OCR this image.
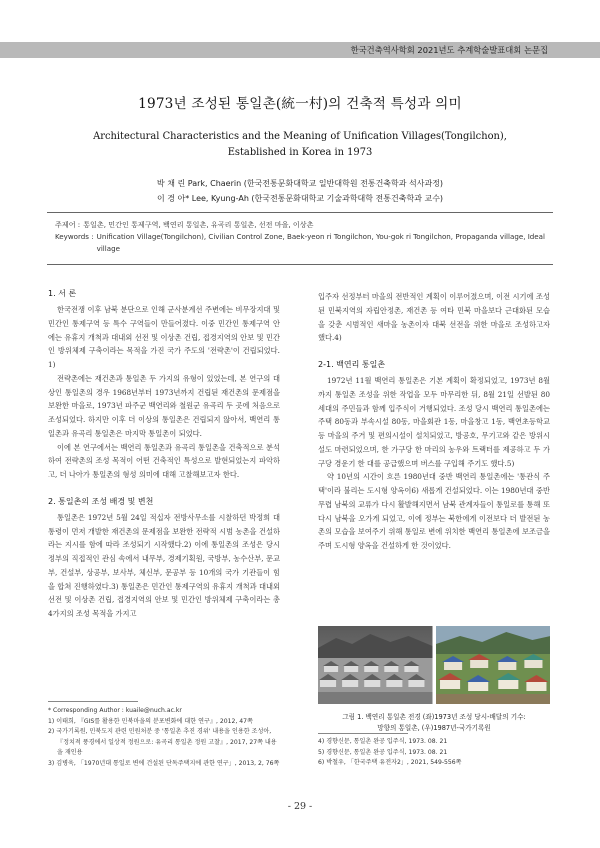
한국건축역사학회 2021년도 추계학술발표대회 논문집
1973년 조성된 통일촌(統一村)의 건축적 특성과 의미
Architectural Characteristics and the Meaning of Unification Villages(Tongilchon),
Established in Korea in 1973
박 채 린 Park, Chaerin (한국전통문화대학교 일반대학원 전통건축학과 석사과정)
이 경 아* Lee, Kyung-Ah (한국전통문화대학교 기술과학대학 전통건축학과 교수)
주제어 : 통일촌, 민간인 통제구역, 백연리 통일촌, 유곡리 통일촌, 선전 마을, 이상촌
Keywords : Unification Village(Tongilchon), Civilian Control Zone, Baek-yeon ri Tongilchon, You-gok ri Tongilchon, Propaganda village, Ideal village
1. 서 론

한국전쟁 이후 남북 분단으로 인해 군사분계선 주변에는 비무장지대 및 민간인 통제구역 등 특수 구역들이 만들어졌다. 이중 민간인 통제구역 안에는 유휴지 개척과 대내외 선전 및 이상촌 건립, 접경지역의 안보 및 민간인 방위체제 구축이라는 목적을 가진 국가 주도의 '전략촌'이 건립되었다.1)

전략촌에는 재건촌과 통일촌 두 가지의 유형이 있었는데, 본 연구의 대상인 통일촌의 경우 1968년부터 1973년까지 건립된 재건촌의 문제점을 보완한 마을로, 1973년 파주군 백연리와 철원군 유곡리 두 곳에 처음으로 조성되었다. 하지만 이후 더 이상의 통일촌은 건립되지 않아서, 백연리 통일촌과 유곡리 통일촌은 마지막 통일촌이 되었다.

이에 본 연구에서는 백연리 통일촌과 유곡리 통일촌을 건축적으로 분석하여 전략촌의 조성 목적이 어떤 건축적인 특성으로 발현되었는지 파악하고, 더 나아가 통일촌의 형성 의미에 대해 고찰해보고자 한다.

2. 통일촌의 조성 배경 및 변천

통일촌은 1972년 5월 24일 적십자 전방사무소를 시찰하던 박정희 대통령이 먼저 개발한 재건촌의 문제점을 보완한 전략적 시범 농촌을 건설하라는 지시를 함에 따라 조성되기 시작했다.2) 이에 통일촌의 조성은 당시 정부의 직접적인 관심 속에서 내무부, 경제기획원, 국방부, 농수산부, 문교부, 건설부, 상공부, 보사부, 체신부, 문공부 등 10개의 국가 기관들이 힘을 합쳐 진행하였다.3) 통일촌은 민간인 통제구역의 유휴지 개척과 대내외 선전 및 이상촌 건립, 접경지역의 안보 및 민간인 방위체제 구축이라는 총 4가지의 조성 목적을 가지고

입주자 선정부터 마을의 전반적인 계획이 이루어졌으며, 이전 시기에 조성된 민북지역의 자립안정촌, 재건촌 등 여타 민북 마을보다 근대화된 모습을 갖춘 시범적인 새마을 농촌이자 대북 선전을 위한 마을로 조성하고자 했다.4)

2-1. 백연리 통일촌

1972년 11월 백연리 통일촌은 기본 계획이 확정되었고, 1973년 8월까지 통일촌 조성을 위한 작업을 모두 마무리한 뒤, 8월 21일 선발된 80세대의 주민들과 함께 입주식이 거행되었다. 조성 당시 백연리 통일촌에는 주택 80동과 부속시설 80동, 마을회관 1동, 마을창고 1동, 백연초등학교 등 마을의 주거 및 편의시설이 설치되었고, 방공호, 무기고와 같은 방위시설도 마련되었으며, 한 가구당 한 마리의 농우와 트랙터를 제공하고 두 가구당 경운기 한 대를 공급했으며 버스를 구입해 주기도 했다.5)

약 10년의 시간이 흐른 1980년대 중반 백연리 통일촌에는 '통관식 주택'이라 불리는 도시형 양옥이6) 새롭게 건설되었다. 이는 1980년대 중반 무렵 남북의 교류가 다시 활발해지면서 남북 관계자들이 통일로를 통해 또다시 남북을 오가게 되었고, 이에 정부는 북한에게 이전보다 더 발전된 농촌의 모습을 보여주기 위해 통일로 변에 위치한 백연리 통일촌에 보조금을 주며 도시형 양옥을 건설하게 한 것이었다.

그림 1. 백연리 통일촌 전경 (좌)1973년 조성 당시-배달의 기수:
망향의 통일촌, (우)1987년-국가기록원
* Corresponding Author : kuaile@nuch.ac.kr
1) 이태희, 『GIS를 활용한 민북마을의 분포변화에 대한 연구』, 2012, 47쪽
2) 국가기록원, 민북도지 관련 민원처분 중 '통일촌 추진 경위' 내용을 인용한 조성아, 『정치적 풍경에서 일상적 정원으로: 유곡리 통일촌 정원 고찰』, 2017, 27쪽 내용을 재인용
3) 김병욱, 「1970년대 통일로 변에 건설된 단독주택지에 관한 연구」, 2013, 2, 76쪽
4) 경향신문, 통일촌 완공 입주식, 1973. 08. 21
5) 경향신문, 통일촌 완공 입주식, 1973. 08. 21
6) 박철우, 「한국주택 유전자2」, 2021, 549-556쪽
- 29 -
